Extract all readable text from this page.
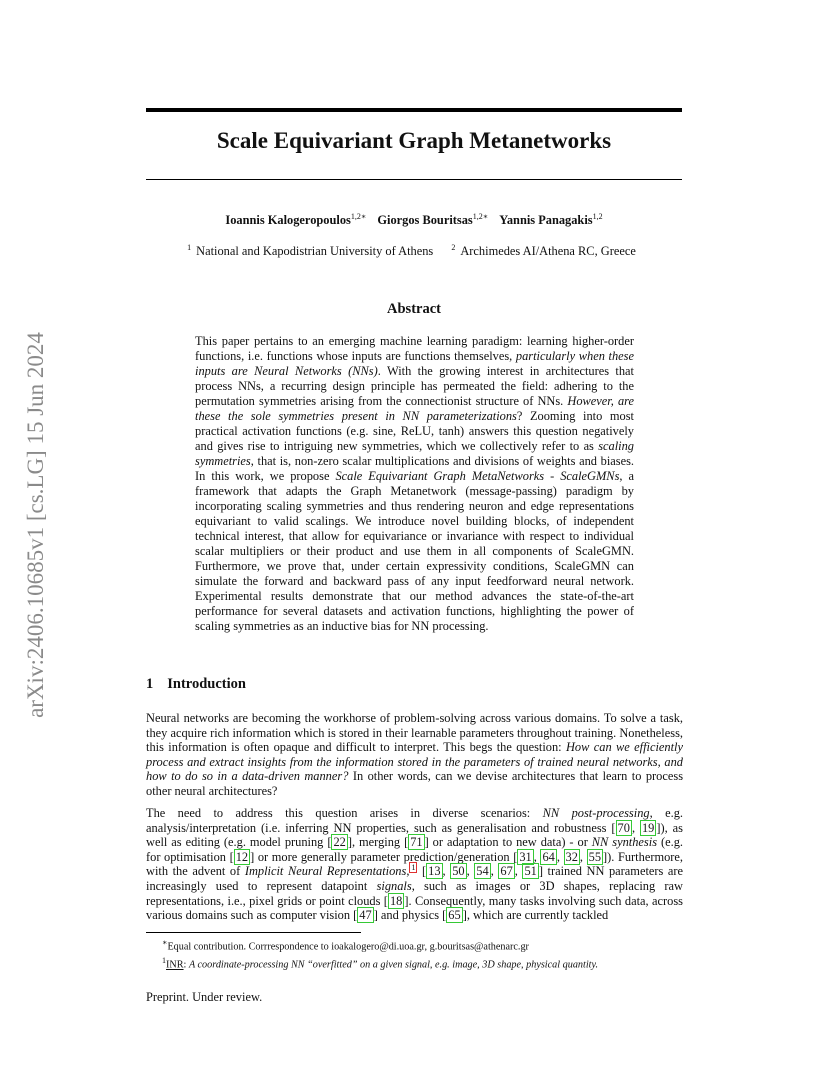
arXiv:2406.10685v1 [cs.LG] 15 Jun 2024
Scale Equivariant Graph Metanetworks
Ioannis Kalogeropoulos$^{1,2∗}$ Giorgos Bouritsas$^{1,2∗}$ Yannis Panagakis$^{1,2}$
$^1$ National and Kapodistrian University of Athens $^2$ Archimedes AI/Athena RC, Greece
Abstract
This paper pertains to an emerging machine learning paradigm: learning higher-order functions, i.e. functions whose inputs are functions themselves, particularly when these inputs are Neural Networks (NNs). With the growing interest in architectures that process NNs, a recurring design principle has permeated the field: adhering to the permutation symmetries arising from the connectionist structure of NNs. However, are these the sole symmetries present in NN parameterizations? Zooming into most practical activation functions (e.g. sine, ReLU, tanh) answers this question negatively and gives rise to intriguing new symmetries, which we collectively refer to as scaling symmetries, that is, non-zero scalar multiplications and divisions of weights and biases. In this work, we propose Scale Equivariant Graph MetaNetworks - ScaleGMNs, a framework that adapts the Graph Metanetwork (message-passing) paradigm by incorporating scaling symmetries and thus rendering neuron and edge representations equivariant to valid scalings. We introduce novel building blocks, of independent technical interest, that allow for equivariance or invariance with respect to individual scalar multipliers or their product and use them in all components of ScaleGMN. Furthermore, we prove that, under certain expressivity conditions, ScaleGMN can simulate the forward and backward pass of any input feedforward neural network. Experimental results demonstrate that our method advances the state-of-the-art performance for several datasets and activation functions, highlighting the power of scaling symmetries as an inductive bias for NN processing.
1 Introduction
Neural networks are becoming the workhorse of problem-solving across various domains. To solve a task, they acquire rich information which is stored in their learnable parameters throughout training. Nonetheless, this information is often opaque and difficult to interpret. This begs the question: How can we efficiently process and extract insights from the information stored in the parameters of trained neural networks, and how to do so in a data-driven manner? In other words, can we devise architectures that learn to process other neural architectures?
The need to address this question arises in diverse scenarios: NN post-processing, e.g. analysis/interpretation (i.e. inferring NN properties, such as generalisation and robustness [ 70 , 19 ]), as well as editing (e.g. model pruning [ 22 ], merging [ 71 ] or adaptation to new data) - or NN synthesis (e.g. for optimisation [ 12 ] or more generally parameter prediction/generation [ 31 , 64 , 32 , 55 ]). Furthermore, with the advent of Implicit Neural Representations, $^1$ [ 13 , 50 , 54 , 67 , 51 ] trained NN parameters are increasingly used to represent datapoint signals, such as images or 3D shapes, replacing raw representations, i.e., pixel grids or point clouds [ 18 ]. Consequently, many tasks involving such data, across various domains such as computer vision [ 47 ] and physics [ 65 ], which are currently tackled
∗Equal contribution. Corrrespondence to ioakalogero@di.uoa.gr, g.bouritsas@athenarc.gr
$^1$INR: A coordinate-processing NN “overfitted” on a given signal, e.g. image, 3D shape, physical quantity.
Preprint. Under review.
